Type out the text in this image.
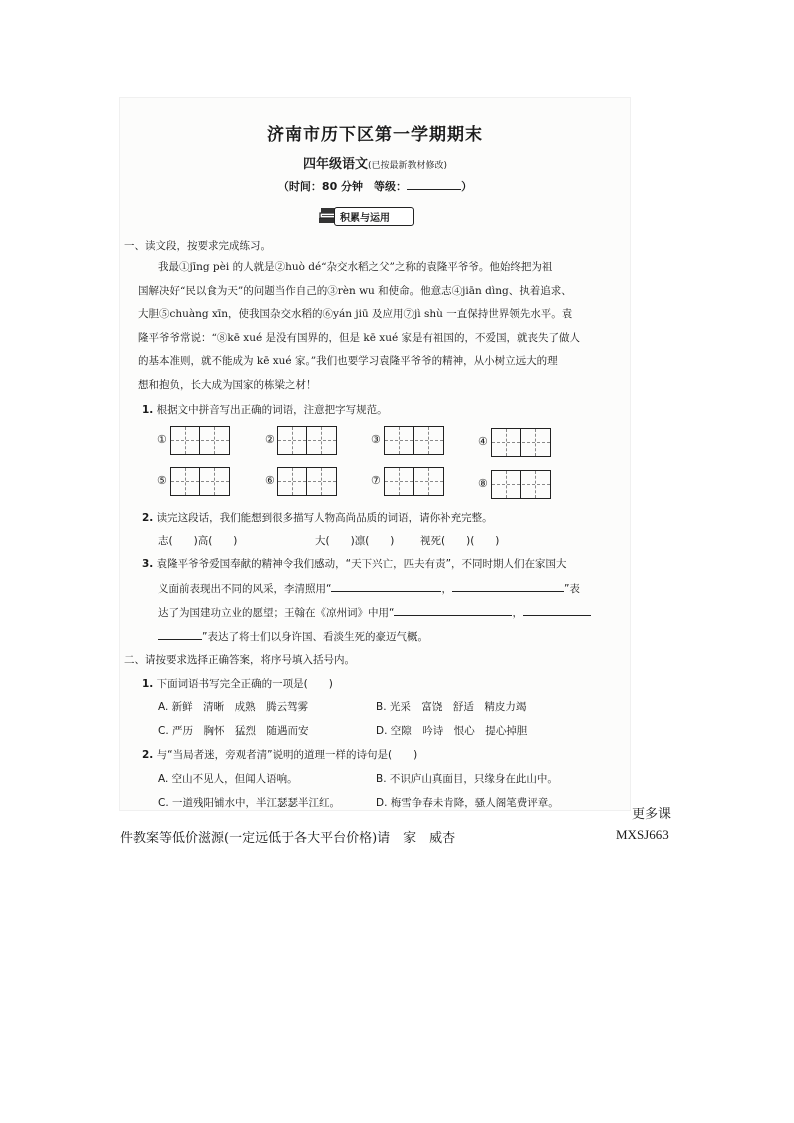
济南市历下区第一学期期末
四年级语文(已按最新教材修改)
（时间：80 分钟　等级：	）
积累与运用
一、读文段，按要求完成练习。
我最①jīng pèi 的人就是②huò dé“杂交水稻之父”之称的袁隆平爷爷。他始终把为祖
国解决好“民以食为天”的问题当作自己的③rèn wu 和使命。他意志④jiān dìng、执着追求、
大胆⑤chuàng xīn，使我国杂交水稻的⑥yán jiū 及应用⑦jì shù 一直保持世界领先水平。袁
隆平爷爷常说：“⑧kē xué 是没有国界的，但是 kē xué 家是有祖国的，不爱国，就丧失了做人
的基本准则，就不能成为 kē xué 家。”我们也要学习袁隆平爷爷的精神，从小树立远大的理
想和抱负，长大成为国家的栋梁之材！
1. 根据文中拼音写出正确的词语，注意把字写规范。
①	②	③	④
⑤	⑥	⑦	⑧
2. 读完这段话，我们能想到很多描写人物高尚品质的词语，请你补充完整。
志(　　)高(　　)	大(　　)凛(　　) 视死(　　)(　　)
3. 袁隆平爷爷爱国奉献的精神令我们感动，“天下兴亡，匹夫有责”，不同时期人们在家国大
义面前表现出不同的风采，李清照用“	，	”表
达了为国建功立业的愿望；王翰在《凉州词》中用“	，
”表达了将士们以身许国、看淡生死的豪迈气概。
二、请按要求选择正确答案，将序号填入括号内。
1. 下面词语书写完全正确的一项是(　　)
A. 新鲜　清晰　成熟　腾云驾雾	B. 光采　富饶　舒适　精皮力竭
C. 严历　胸怀　猛烈　随遇而安	D. 空隙　吟诗　恨心　提心掉胆
2. 与“当局者迷，旁观者清”说明的道理一样的诗句是(　　)
A. 空山不见人，但闻人语响。	B. 不识庐山真面目，只缘身在此山中。
C. 一道残阳铺水中，半江瑟瑟半江红。	D. 梅雪争春未肯降，骚人阁笔费评章。
更多课
件教案等低价滋源(一定远低于各大平台价格)请　家　威杏	MXSJ663
